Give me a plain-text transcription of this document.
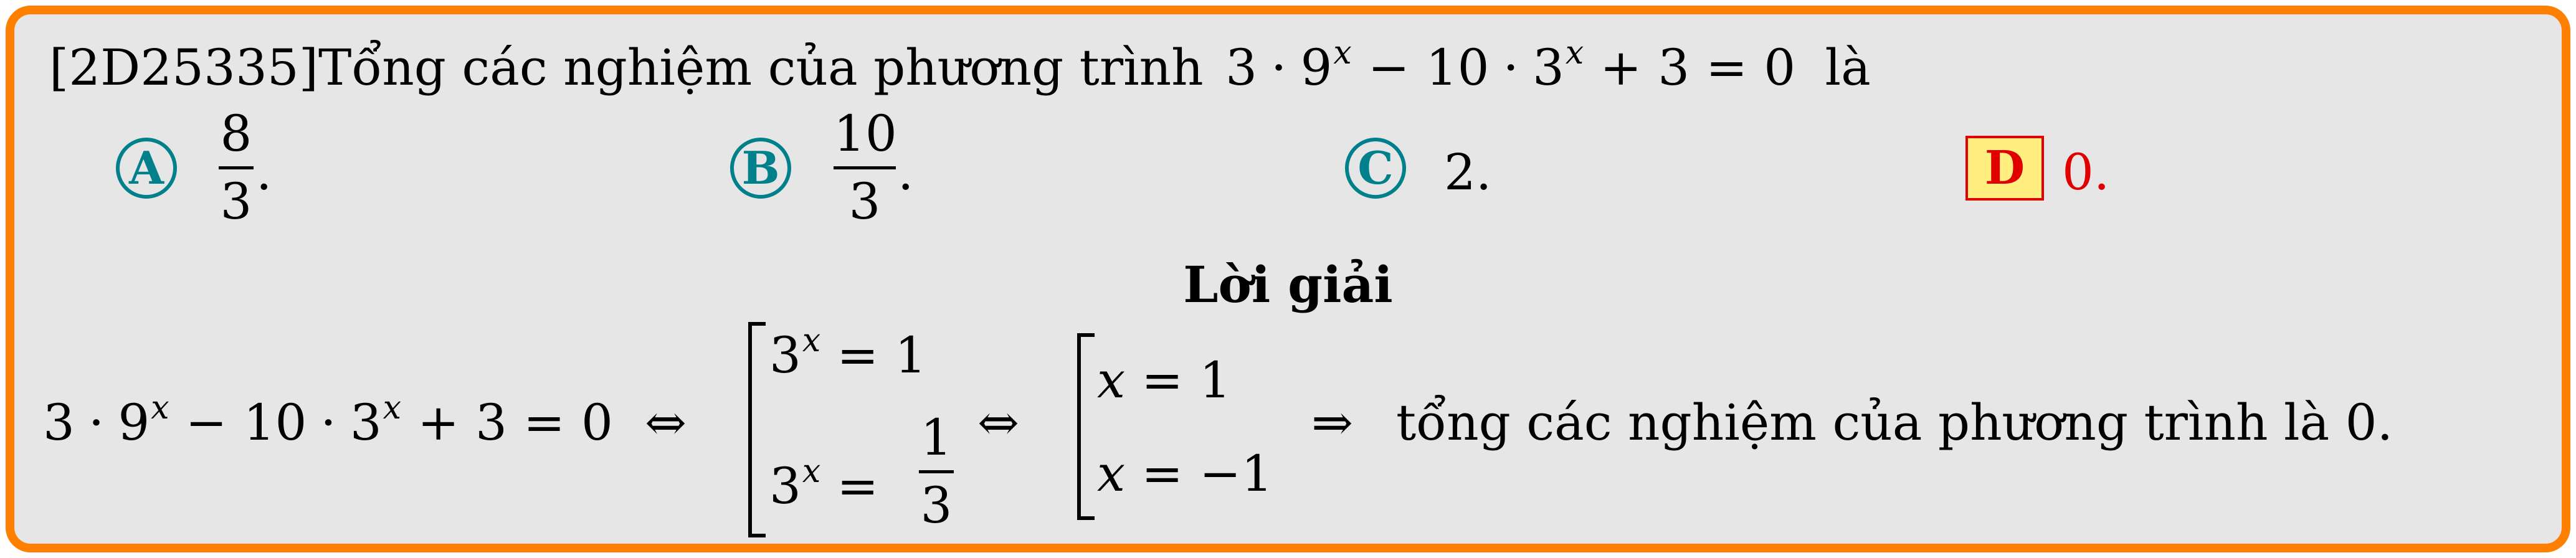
[2D25335]Tổng các nghiệm của phương trình $3 \cdot 9^x - 10 \cdot 3^x + 3 = 0$ là
A
8
3
.	B
10
3
.	C 2.	D 0.
Lời giải
$3 \cdot 9^x - 10 \cdot 3^x + 3 = 0$ ⇔
$3^x = 1$
$3^x$ =
1
3
⇔
x = 1
x = −1
⇒ tổng các nghiệm của phương trình là 0.
